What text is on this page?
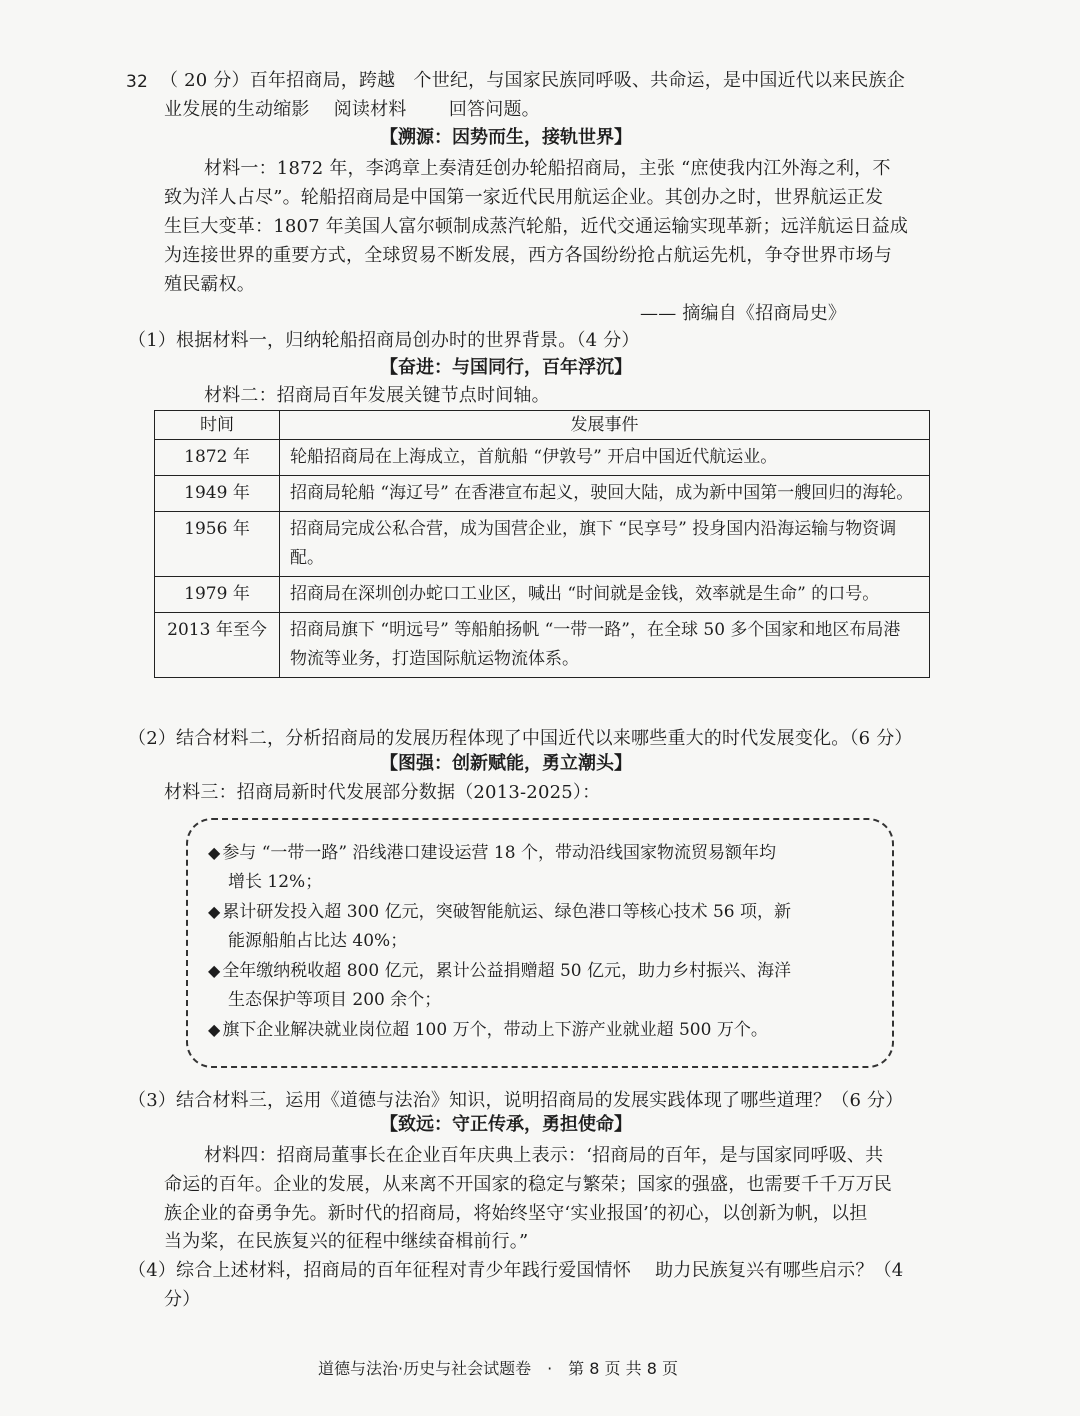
32 （ 20 分）百年招商局，跨越　个世纪，与国家民族同呼吸、共命运，是中国近代以来民族企
业发展的生动缩影　 阅读材料　　 回答问题。
【溯源：因势而生，接轨世界】
材料一：1872 年，李鸿章上奏清廷创办轮船招商局，主张 “庶使我内江外海之利，不
致为洋人占尽”。轮船招商局是中国第一家近代民用航运企业。其创办之时，世界航运正发
生巨大变革：1807 年美国人富尔顿制成蒸汽轮船，近代交通运输实现革新；远洋航运日益成
为连接世界的重要方式，全球贸易不断发展，西方各国纷纷抢占航运先机，争夺世界市场与
殖民霸权。
—— 摘编自《招商局史》
（1）根据材料一，归纳轮船招商局创办时的世界背景。（4 分）
【奋进：与国同行，百年浮沉】
材料二：招商局百年发展关键节点时间轴。
时间	发展事件
1872 年	轮船招商局在上海成立，首航船 “伊敦号” 开启中国近代航运业。
1949 年	招商局轮船 “海辽号” 在香港宣布起义，驶回大陆，成为新中国第一艘回归的海轮。
1956 年	招商局完成公私合营，成为国营企业，旗下 “民享号” 投身国内沿海运输与物资调配。
1979 年	招商局在深圳创办蛇口工业区，喊出 “时间就是金钱，效率就是生命” 的口号。
2013 年至今	招商局旗下 “明远号” 等船舶扬帆 “一带一路”，在全球 50 多个国家和地区布局港　　物流等业务，打造国际航运物流体系。
（2）结合材料二，分析招商局的发展历程体现了中国近代以来哪些重大的时代发展变化。（6 分）
【图强：创新赋能，勇立潮头】
材料三：招商局新时代发展部分数据（2013-2025）：
◆ 参与 “一带一路” 沿线港口建设运营 18 个，带动沿线国家物流贸易额年均
增长 12%；
◆ 累计研发投入超 300 亿元，突破智能航运、绿色港口等核心技术 56 项，新
能源船舶占比达 40%；
◆ 全年缴纳税收超 800 亿元，累计公益捐赠超 50 亿元，助力乡村振兴、海洋
生态保护等项目 200 余个；
◆ 旗下企业解决就业岗位超 100 万个，带动上下游产业就业超 500 万个。
（3）结合材料三，运用《道德与法治》知识，说明招商局的发展实践体现了哪些道理？（6 分）
【致远：守正传承，勇担使命】
材料四：招商局董事长在企业百年庆典上表示：‘招商局的百年，是与国家同呼吸、共
命运的百年。企业的发展，从来离不开国家的稳定与繁荣；国家的强盛，也需要千千万万民
族企业的奋勇争先。新时代的招商局，将始终坚守‘实业报国’的初心，以创新为帆，以担
当为桨，在民族复兴的征程中继续奋楫前行。”
（4）综合上述材料，招商局的百年征程对青少年践行爱国情怀　 助力民族复兴有哪些启示？（4
分）
道德与法治·历史与社会试题卷　·　第 8 页 共 8 页
